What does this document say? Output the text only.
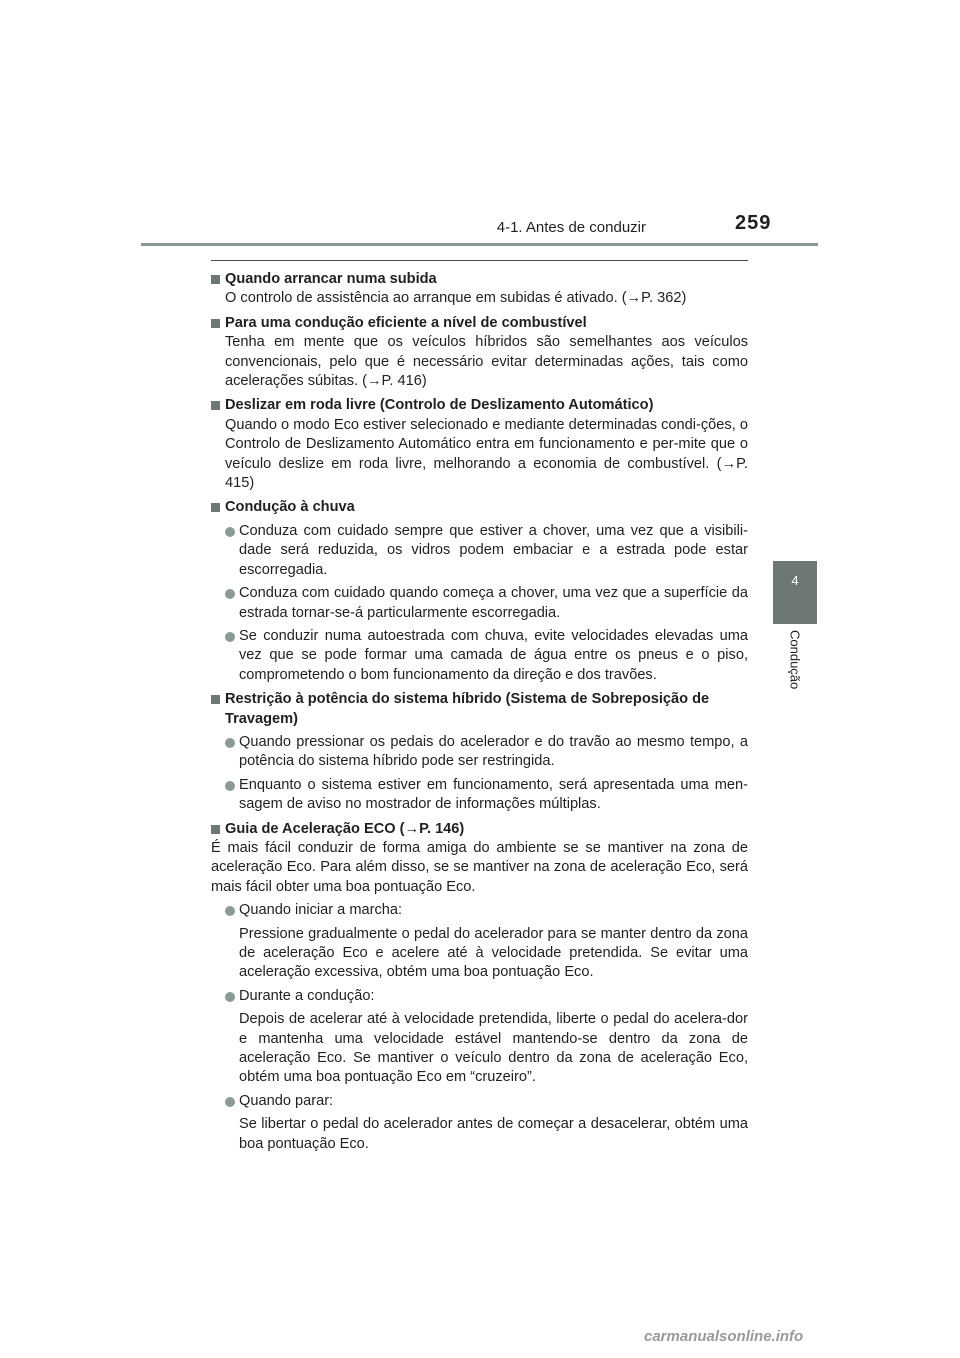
4-1. Antes de conduzir	259
4
Condução

Quando arrancar numa subida

O controlo de assistência ao arranque em subidas é ativado. (→P. 362)

Para uma condução eficiente a nível de combustível

Tenha em mente que os veículos híbridos são semelhantes aos veículos convencionais, pelo que é necessário evitar determinadas ações, tais como acelerações súbitas. (→P. 416)

Deslizar em roda livre (Controlo de Deslizamento Automático)

Quando o modo Eco estiver selecionado e mediante determinadas condi-ções, o Controlo de Deslizamento Automático entra em funcionamento e per-mite que o veículo deslize em roda livre, melhorando a economia de combustível. (→P. 415)

Condução à chuva

Conduza com cuidado sempre que estiver a chover, uma vez que a visibili-dade será reduzida, os vidros podem embaciar e a estrada pode estar escorregadia.

Conduza com cuidado quando começa a chover, uma vez que a superfície da estrada tornar-se-á particularmente escorregadia.

Se conduzir numa autoestrada com chuva, evite velocidades elevadas uma vez que se pode formar uma camada de água entre os pneus e o piso, comprometendo o bom funcionamento da direção e dos travões.

Restrição à potência do sistema híbrido (Sistema de Sobreposição de Travagem)

Quando pressionar os pedais do acelerador e do travão ao mesmo tempo, a potência do sistema híbrido pode ser restringida.

Enquanto o sistema estiver em funcionamento, será apresentada uma men-sagem de aviso no mostrador de informações múltiplas.

Guia de Aceleração ECO (→P. 146)

É mais fácil conduzir de forma amiga do ambiente se se mantiver na zona de aceleração Eco. Para além disso, se se mantiver na zona de aceleração Eco, será mais fácil obter uma boa pontuação Eco.

Quando iniciar a marcha:

Pressione gradualmente o pedal do acelerador para se manter dentro da zona de aceleração Eco e acelere até à velocidade pretendida. Se evitar uma aceleração excessiva, obtém uma boa pontuação Eco.

Durante a condução:

Depois de acelerar até à velocidade pretendida, liberte o pedal do acelera-dor e mantenha uma velocidade estável mantendo-se dentro da zona de aceleração Eco. Se mantiver o veículo dentro da zona de aceleração Eco, obtém uma boa pontuação Eco em “cruzeiro”.

Quando parar:

Se libertar o pedal do acelerador antes de começar a desacelerar, obtém uma boa pontuação Eco.

carmanualsonline.info
